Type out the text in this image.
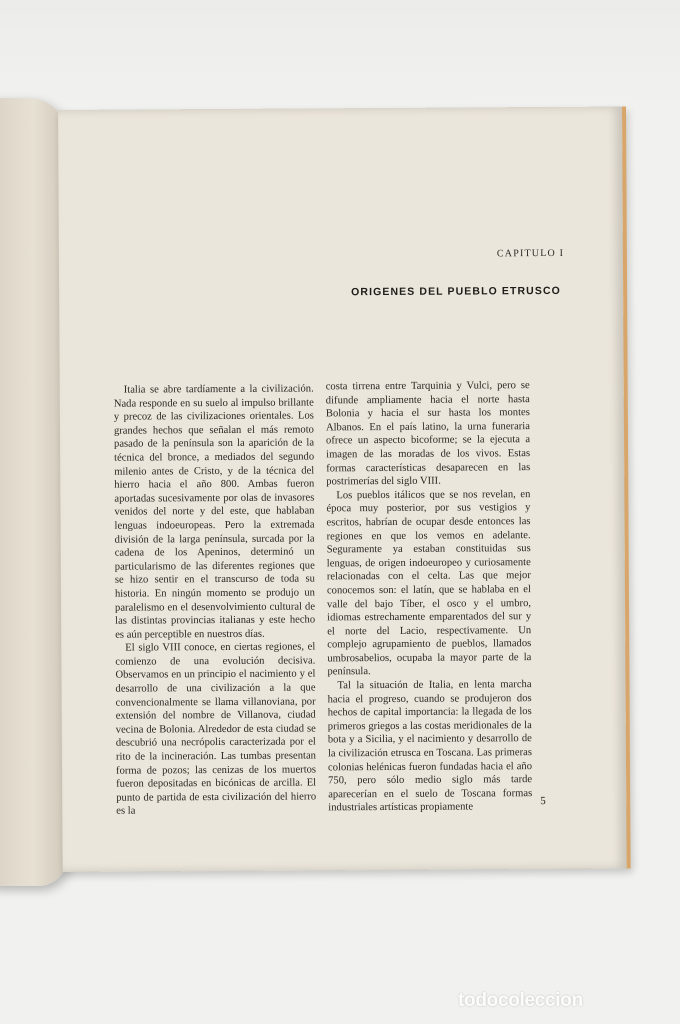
CAPITULO I
ORIGENES DEL PUEBLO ETRUSCO

Italia se abre tardíamente a la civilización. Nada responde en su suelo al impulso brillante y precoz de las civilizaciones orientales. Los grandes hechos que señalan el más remoto pasado de la península son la aparición de la técnica del bronce, a mediados del segundo milenio antes de Cristo, y de la técnica del hierro hacia el año 800. Ambas fueron aportadas sucesivamente por olas de invasores venidos del norte y del este, que hablaban lenguas indoeuropeas. Pero la extremada división de la larga península, surcada por la cadena de los Apeninos, determinó un particularismo de las diferentes regiones que se hizo sentir en el transcurso de toda su historia. En ningún momento se produjo un paralelismo en el desenvolvimiento cultural de las distintas provincias italianas y este hecho es aún perceptible en nuestros días.

El siglo VIII conoce, en ciertas regiones, el comienzo de una evolución decisiva. Observamos en un principio el nacimiento y el desarrollo de una civilización a la que convencionalmente se llama villanoviana, por extensión del nombre de Villanova, ciudad vecina de Bolonia. Alrededor de esta ciudad se descubrió una necrópolis caracterizada por el rito de la incineración. Las tumbas presentan forma de pozos; las cenizas de los muertos fueron depositadas en bicónicas de arcilla. El punto de partida de esta civilización del hierro es la

costa tirrena entre Tarquinia y Vulci, pero se difunde ampliamente hacia el norte hasta Bolonia y hacia el sur hasta los montes Albanos. En el país latino, la urna funeraria ofrece un aspecto bicoforme; se la ejecuta a imagen de las moradas de los vivos. Estas formas características desaparecen en las postrimerías del siglo VIII.

Los pueblos itálicos que se nos revelan, en época muy posterior, por sus vestigios y escritos, habrían de ocupar desde entonces las regiones en que los vemos en adelante. Seguramente ya estaban constituidas sus lenguas, de origen indoeuropeo y curiosamente relacionadas con el celta. Las que mejor conocemos son: el latín, que se hablaba en el valle del bajo Tíber, el osco y el umbro, idiomas estrechamente emparentados del sur y el norte del Lacio, respectivamente. Un complejo agrupamiento de pueblos, llamados umbrosabelios, ocupaba la mayor parte de la península.

Tal la situación de Italia, en lenta marcha hacia el progreso, cuando se produjeron dos hechos de capital importancia: la llegada de los primeros griegos a las costas meridionales de la bota y a Sicilia, y el nacimiento y desarrollo de la civilización etrusca en Toscana. Las primeras colonias helénicas fueron fundadas hacia el año 750, pero sólo medio siglo más tarde aparecerían en el suelo de Toscana formas industriales artísticas propiamente

5
todocoleccion
